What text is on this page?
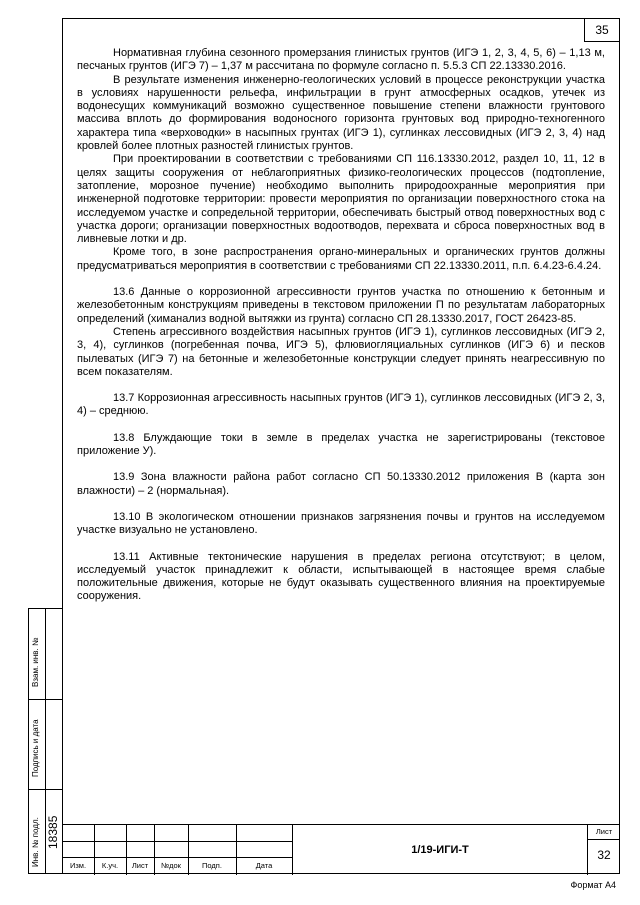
35

Нормативная глубина сезонного промерзания глинистых грунтов (ИГЭ 1, 2, 3, 4, 5, 6) – 1,13 м, песчаных грунтов (ИГЭ 7) – 1,37 м рассчитана по формуле согласно п. 5.5.3 СП 22.13330.2016.

В результате изменения инженерно-геологических условий в процессе реконструкции участка в условиях нарушенности рельефа, инфильтрации в грунт атмосферных осадков, утечек из водонесущих коммуникаций возможно существенное повышение степени влажности грунтового массива вплоть до формирования водоносного горизонта грунтовых вод природно-техногенного характера типа «верховодки» в насыпных грунтах (ИГЭ 1), суглинках лессовидных (ИГЭ 2, 3, 4) над кровлей более плотных разностей глинистых грунтов.

При проектировании в соответствии с требованиями СП 116.13330.2012, раздел 10, 11, 12 в целях защиты сооружения от неблагоприятных физико-геологических процессов (подтопление, затопление, морозное пучение) необходимо выполнить природоохранные мероприятия при инженерной подготовке территории: провести мероприятия по организации поверхностного стока на исследуемом участке и сопредельной территории, обеспечивать быстрый отвод поверхностных вод с участка дороги; организации поверхностных водоотводов, перехвата и сброса поверхностных вод в ливневые лотки и др.

Кроме того, в зоне распространения органо-минеральных и органических грунтов должны предусматриваться мероприятия в соответствии с требованиями СП 22.13330.2011, п.п. 6.4.23-6.4.24.

13.6 Данные о коррозионной агрессивности грунтов участка по отношению к бетонным и железобетонным конструкциям приведены в текстовом приложении П по результатам лабораторных определений (химанализ водной вытяжки из грунта) согласно СП 28.13330.2017, ГОСТ 26423-85.

Степень агрессивного воздействия насыпных грунтов (ИГЭ 1), суглинков лессовидных (ИГЭ 2, 3, 4), суглинков (погребенная почва, ИГЭ 5), флювиогляциальных суглинков (ИГЭ 6) и песков пылеватых (ИГЭ 7) на бетонные и железобетонные конструкции следует принять неагрессивную по всем показателям.

13.7 Коррозионная агрессивность насыпных грунтов (ИГЭ 1), суглинков лессовидных (ИГЭ 2, 3, 4) – среднюю.

13.8 Блуждающие токи в земле в пределах участка не зарегистрированы (текстовое приложение У).

13.9 Зона влажности района работ согласно СП 50.13330.2012 приложения В (карта зон влажности) – 2 (нормальная).

13.10 В экологическом отношении признаков загрязнения почвы и грунтов на исследуемом участке визуально не установлено.

13.11 Активные тектонические нарушения в пределах региона отсутствуют; в целом, исследуемый участок принадлежит к области, испытывающей в настоящее время слабые положительные движения, которые не будут оказывать существенного влияния на проектируемые сооружения.

Взам. инв. №
Подпись и дата
Инв. № подл. 18385
Изм.	К.уч.	Лист	№док	Подп.	Дата
1/19-ИГИ-Т
Лист
32
Формат А4
